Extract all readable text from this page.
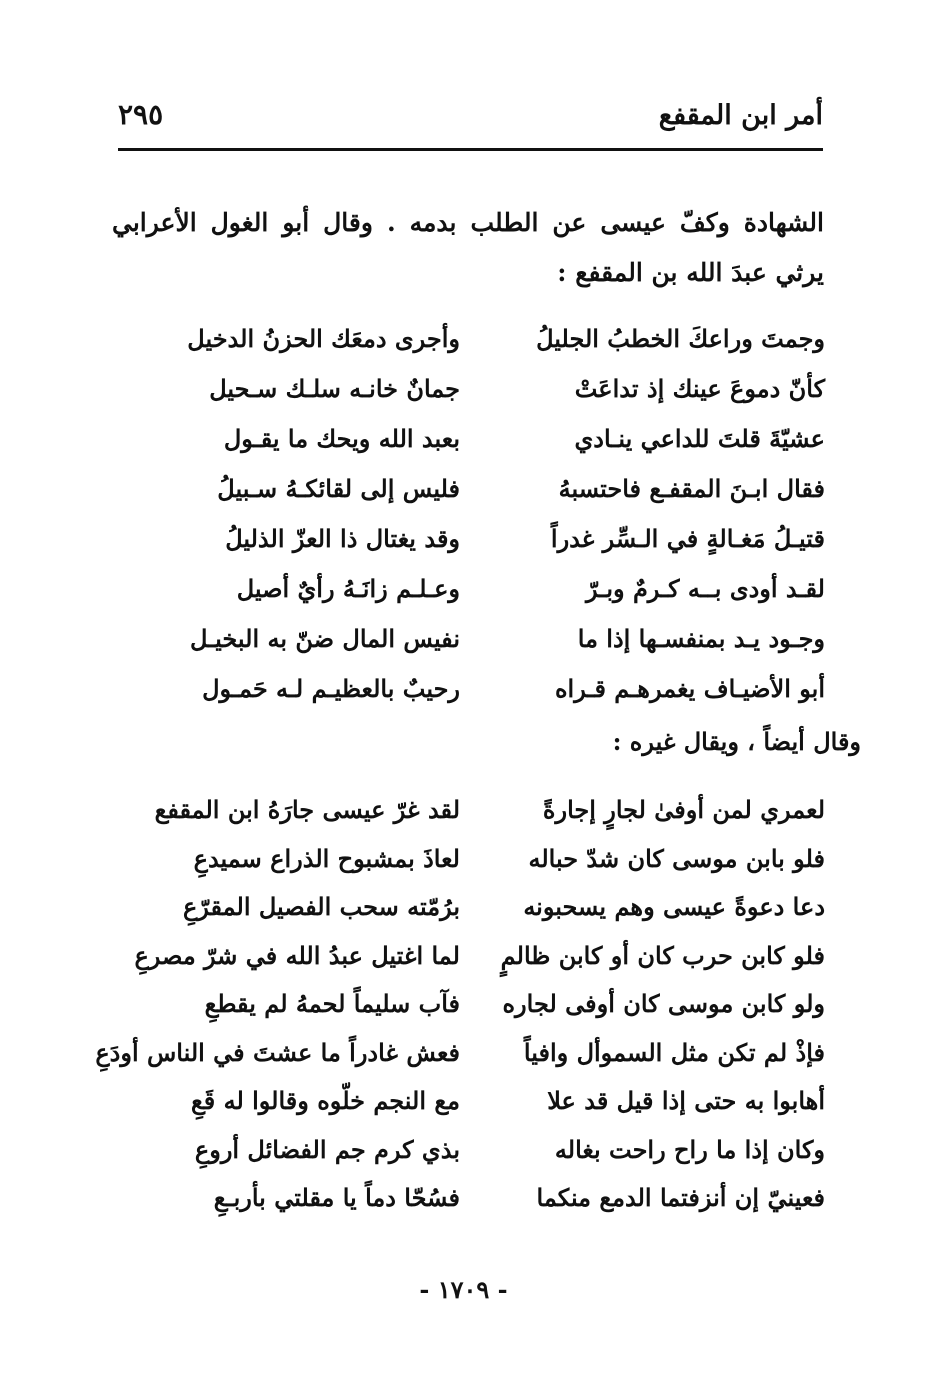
أمر ابن المقفع
٢٩٥

الشهادة وكفّ عيسى عن الطلب بدمه . وقال أبو الغول الأعرابي يرثي عبدَ الله بن المقفع :

وجمتَ وراعكَ الخطبُ الجليلُ
وأجرى دمعَك الحزنُ الدخيل
كأنّ دموعَ عينك إذ تداعَتْ
جمانٌ خانـه سلـك سـحيل
عشيّةَ قلتَ للداعي ينـادي
بعبد الله ويحك ما يقـول
فقال ابـنَ المقفـع فاحتسبهُ
فليس إلى لقائكـهُ سـبيلُ
قتيـلُ مَغـالةٍ في الـسِّر غدراً
وقد يغتال ذا العزّ الذليلُ
لقـد أودى بــه كـرمٌ وبـرّ
وعـلـم زانَـهُ رأيٌ أصيل
وجـود يـد بمنفسـها إذا ما
نفيس المال ضنّ به البخيـل
أبو الأضيـاف يغمرهـم قـراه
رحيبٌ بالعظيـم لـه حَمـول
وقال أيضاً ، ويقال غيره :
لعمري لمن أوفىٰ لجارٍ إجارةً
لقد غرّ عيسى جارَهُ ابن المقفع
فلو بابن موسى كان شدّ حباله
لعاذَ بمشبوح الذراع سميدعِ
دعا دعوةً عيسى وهم يسحبونه
برُمّته سحب الفصيل المقرّعِ
فلو كابن حرب كان أو كابن ظالمٍ
لما اغتيل عبدُ الله في شرّ مصرعِ
ولو كابن موسى كان أوفى لجاره
فآب سليماً لحمهُ لم يقطعِ
فإذْ لم تكن مثل السموأل وافياً
فعش غادراً ما عشتَ في الناس أودَعِ
أهابوا به حتى إذا قيل قد علا
مع النجم خلّوه وقالوا له قَعِ
وكان إذا ما راح راحت بغاله
بذي كرم جم الفضائل أروعِ
فعينيّ إن أنزفتما الدمع منكما
فسُحّا دماً يا مقلتي بأربـعِ
- ١٧٠٩ -
